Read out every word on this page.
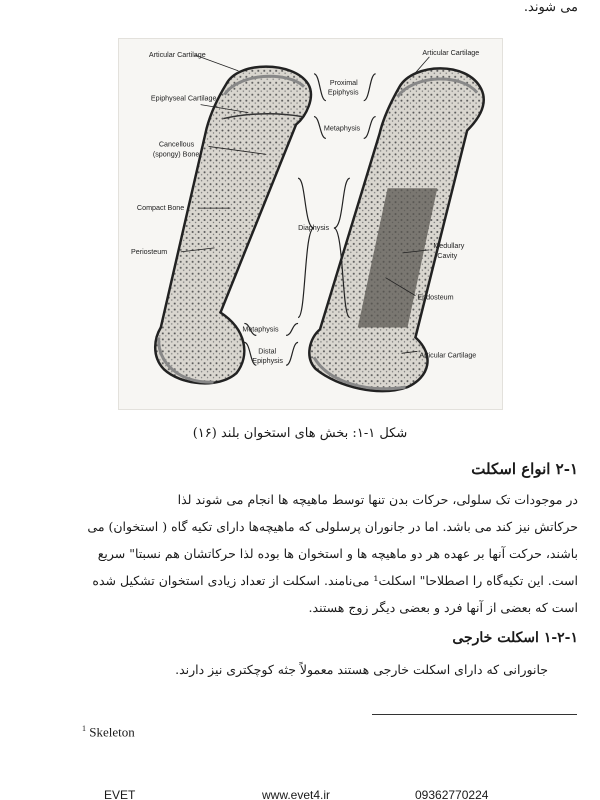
می شوند.
Articular Cartilage
Epiphyseal Cartilage
Cancellous
(spongy) Bone
Compact Bone
Periosteum
Proximal
Epiphysis
Metaphysis
Diaphysis
Articular Cartilage
Medullary
Cavity
Endosteum
Metaphysis
Distal
Epiphysis
Articular Cartilage
شکل ۱-۱: بخش های استخوان بلند (۱۶)
۲-۱ انواع اسکلت
در موجودات تک سلولی، حرکات بدن تنها توسط ماهیچه ها انجام می شوند لذا
حرکاتش نیز کند می باشد. اما در جانوران پرسلولی که ماهیچه‌ها دارای تکیه گاه ( استخوان) می
باشند، حرکت آنها بر عهده هر دو ماهیچه ها و استخوان ها بوده لذا حرکاتشان هم نسبتا" سریع
است. این تکیه‌گاه را اصطلاحا" اسکلت¹ می‌نامند. اسکلت از تعداد زیادی استخوان تشکیل شده
است که بعضی از آنها فرد و بعضی دیگر زوج هستند.
۱-۲-۱ اسکلت خارجی
جانورانی که دارای اسکلت خارجی هستند معمولاً جثه کوچکتری نیز دارند.
$^1$ Skeleton
EVET	www.evet4.ir	09362770224
